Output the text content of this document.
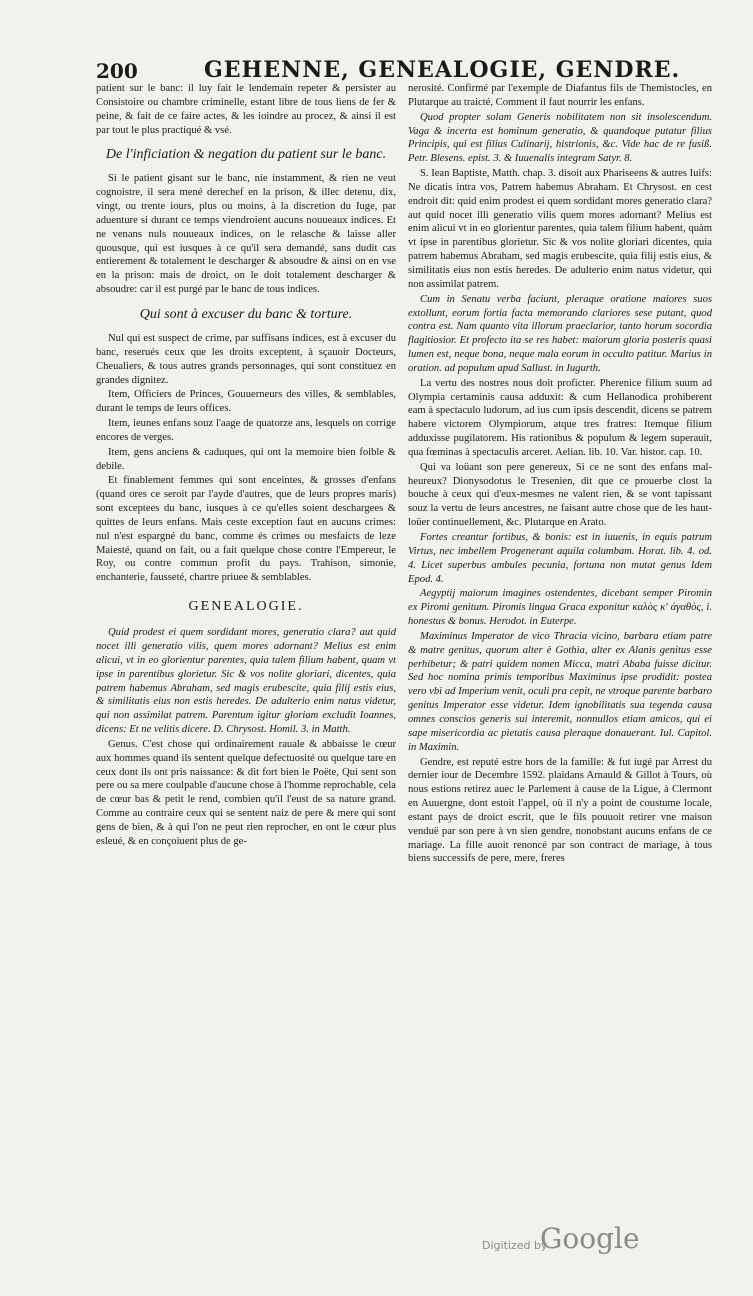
200	GEHENNE, GENEALOGIE, GENDRE.

patient sur le banc: il luy fait le lendemain repeter & persister au Consistoire ou chambre criminelle, estant libre de tous liens de fer & peine, & fait de ce faire actes, & les ioindre au procez, & ainsi il est par tout le plus practiqué & vsé.

De l'inficiation & negation du patient sur le banc.

Si le patient gisant sur le banc, nie instamment, & rien ne veut cognoistre, il sera mené derechef en la prison, & illec detenu, dix, vingt, ou trente iours, plus ou moins, à la discretion du Iuge, par aduenture si durant ce temps viendroient aucuns nouueaux indices. Et ne venans nuls nouueaux indices, on le relasche & laisse aller quousque, qui est iusques à ce qu'il sera demandé, sans dudit cas entierement & totalement le descharger & absoudre & ainsi on en vse en la prison: mais de droict, on le doit totalement descharger & absoudre: car il est purgé par le banc de tous indices.

Qui sont à excuser du banc & torture.

Nul qui est suspect de crime, par suffisans indices, est à excuser du banc, reserués ceux que les droits exceptent, à sçauoir Docteurs, Cheualiers, & tous autres grands personnages, qui sont constituez en grandes dignitez.

Item, Officiers de Princes, Gouuerneurs des villes, & semblables, durant le temps de leurs offices.

Item, ieunes enfans souz l'aage de quatorze ans, lesquels on corrige encores de verges.

Item, gens anciens & caduques, qui ont la memoire bien foible & debile.

Et finablement femmes qui sont enceintes, & grosses d'enfans (quand ores ce seroit par l'ayde d'autres, que de leurs propres maris) sont exceptees du banc, iusques à ce qu'elles soient deschargees & quittes de leurs enfans. Mais ceste exception faut en aucuns crimes: nul n'est espargné du banc, comme és crimes ou mesfaicts de leze Maiesté, quand on fait, ou a fait quelque chose contre l'Empereur, le Roy, ou contre commun profit du pays. Trahison, simonie, enchanterie, fausseté, chartre priuee & semblables.

GENEALOGIE.

Quid prodest ei quem sordidant mores, generatio clara? aut quid nocet illi generatio vilis, quem mores adornant? Melius est enim alicui, vt in eo glorientur parentes, quia talem filium habent, quam vt ipse in parentibus glorietur. Sic & vos nolite gloriari, dicentes, quia patrem habemus Abraham, sed magis erubescite, quia filij estis eius, & similitatis eius non estis heredes. De adulterio enim natus videtur, qui non assimilat patrem. Parentum igitur gloriam excludit Ioannes, dicens: Et ne velitis dicere. D. Chrysost. Homil. 3. in Matth.

Genus. C'est chose qui ordinairement rauale & abbaisse le cœur aux hommes quand ils sentent quelque defectuosité ou quelque tare en ceux dont ils ont pris naissance: & dit fort bien le Poëte, Qui sent son pere ou sa mere coulpable d'aucune chose à l'homme reprochable, cela de cœur bas & petit le rend, combien qu'il l'eust de sa nature grand. Comme au contraire ceux qui se sentent naiz de pere & mere qui sont gens de bien, & à qui l'on ne peut rien reprocher, en ont le cœur plus esleué, & en conçoiuent plus de ge-

nerosité. Confirmé par l'exemple de Diafantus fils de Themistocles, en Plutarque au traicté, Comment il faut nourrir les enfans.

Quod propter solam Generis nobilitatem non sit insolescendum. Vaga & incerta est hominum generatio, & quandoque putatur filius Principis, qui est filius Culinarij, histrionis, &c. Vide hac de re fusiß. Petr. Blesens. epist. 3. & Iuuenalis integram Satyr. 8.

S. Iean Baptiste, Matth. chap. 3. disoit aux Phariseens & autres Iuifs: Ne dicatis intra vos, Patrem habemus Abraham. Et Chrysost. en cest endroit dit: quid enim prodest ei quem sordidant mores generatio clara? aut quid nocet illi generatio vilis quem mores adornant? Melius est enim alicui vt in eo glorientur parentes, quia talem filium habent, quàm vt ipse in parentibus glorietur. Sic & vos nolite gloriari dicentes, quia patrem habemus Abraham, sed magis erubescite, quia filij estis eius, & similitatis eius non estis heredes. De adulterio enim natus videtur, qui non assimilat patrem.

Cum in Senatu verba faciunt, pleraque oratione maiores suos extollunt, eorum fortia facta memorando clariores sese putant, quod contra est. Nam quanto vita illorum praeclarior, tanto horum socordia flagitiosior. Et profecto ita se res habet: maiorum gloria posteris quasi lumen est, neque bona, neque mala eorum in occulto patitur. Marius in oration. ad populum apud Sallust. in Iugurth.

La vertu des nostres nous doit proficter. Pherenice filium suum ad Olympia certaminis causa adduxit: & cum Hellanodica prohiberent eam à spectaculo ludorum, ad ius cum ipsis descendit, dicens se patrem habere victorem Olympiorum, atque tres fratres: Itemque filium adduxisse pugilatorem. His rationibus & populum & legem superauit, qua fœminas à spectaculis arceret. Aelian. lib. 10. Var. histor. cap. 10.

Qui va loüant son pere genereux, Si ce ne sont des enfans mal-heureux? Dionysodotus le Tresenien, dit que ce prouerbe clost la bouche à ceux qui d'eux-mesmes ne valent rien, & se vont tapissant souz la vertu de leurs ancestres, ne faisant autre chose que de les haut-loüer continuellement, &c. Plutarque en Arato.

Fortes creantur fortibus, & bonis: est in iuuenis, in equis patrum Virtus, nec imbellem Progenerant aquila columbam. Horat. lib. 4. od. 4. Licet superbus ambules pecunia, fortuna non mutat genus Idem Epod. 4.

Aegyptij maiorum imagines ostendentes, dicebant semper Piromin ex Piromi genitum. Piromis lingua Graca exponitur καλὸς κ' ἀγαθὸς, i. honestus & bonus. Herodot. in Euterpe.

Maximinus Imperator de vico Thracia vicino, barbara etiam patre & matre genitus, quorum alter è Gothia, alter ex Alanis genitus esse perhibetur; & patri quidem nomen Micca, matri Ababa fuisse dicitur. Sed hoc nomina primis temporibus Maximinus ipse prodidit: postea vero vbi ad Imperium venit, oculi pra cepit, ne vtroque parente barbaro genitus Imperator esse videtur. Idem ignobilitatis sua tegenda causa omnes conscios generis sui interemit, nonnullos etiam amicos, qui ei sape misericordia ac pietatis causa pleraque donauerant. Iul. Capitol. in Maximin.

Gendre, est reputé estre hors de la famille: & fut iugé par Arrest du dernier iour de Decembre 1592. plaidans Arnauld & Gillot à Tours, où nous estions retirez auec le Parlement à cause de la Ligue, à Clermont en Auuergne, dont estoit l'appel, où il n'y a point de coustume locale, estant pays de droict escrit, que le fils pouuoit retirer vne maison venduë par son pere à vn sien gendre, nonobstant aucuns enfans de ce mariage. La fille auoit renoncé par son contract de mariage, à tous biens successifs de pere, mere, freres

Digitized by
Google
